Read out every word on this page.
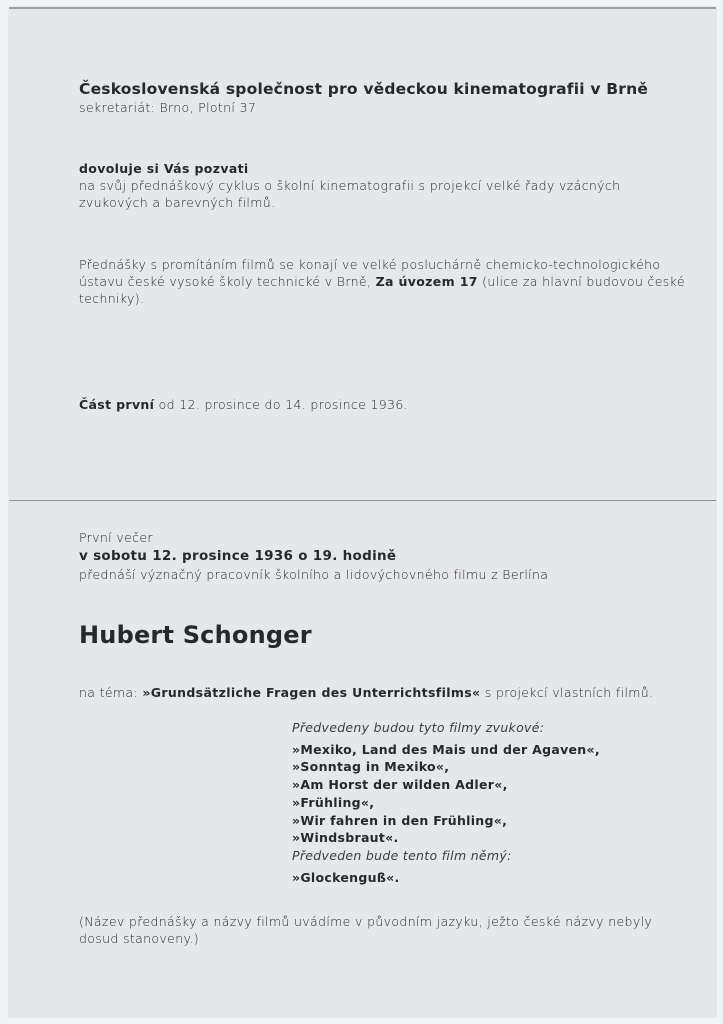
Československá společnost pro vědeckou kinematografii v Brně
sekretariát: Brno, Plotní 37
dovoluje si Vás pozvati
na svůj přednáškový cyklus o školní kinematografii s projekcí velké řady vzácných zvukových a barevných filmů.
Přednášky s promítáním filmů se konají ve velké posluchárně chemicko-technologického ústavu české vysoké školy technické v Brně, Za úvozem 17 (ulice za hlavní budovou české techniky).
Část první od 12. prosince do 14. prosince 1936.
První večer
v sobotu 12. prosince 1936 o 19. hodině
přednáší význačný pracovník školního a lidovýchovného filmu z Berlína
Hubert Schonger
na téma: »Grundsätzliche Fragen des Unterrichtsfilms« s projekcí vlastních filmů.
Předvedeny budou tyto filmy zvukové:
»Mexiko, Land des Mais und der Agaven«,
»Sonntag in Mexiko«,
»Am Horst der wilden Adler«,
»Frühling«,
»Wir fahren in den Frühling«,
»Windsbraut«.
Předveden bude tento film němý:
»Glockenguß«.
(Název přednášky a názvy filmů uvádíme v původním jazyku, ježto české názvy nebyly dosud stanoveny.)
